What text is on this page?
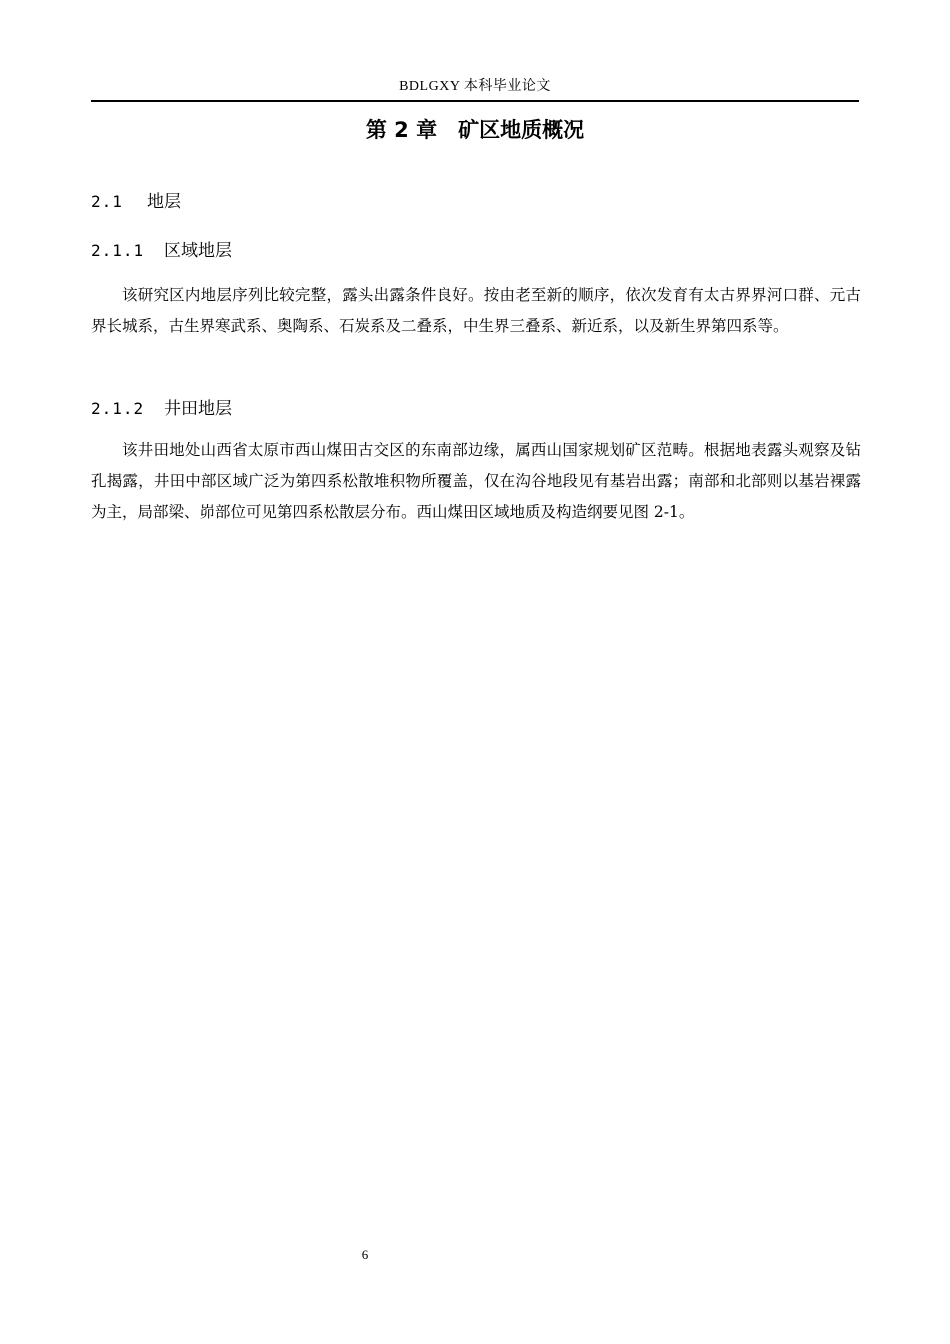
BDLGXY 本科毕业论文
第 2 章　矿区地质概况
2.1 地层
2.1.1 区域地层

该研究区内地层序列比较完整，露头出露条件良好。按由老至新的顺序，依次发育有太古界界河口群、元古界长城系，古生界寒武系、奥陶系、石炭系及二叠系，中生界三叠系、新近系，以及新生界第四系等。

2.1.2 井田地层

该井田地处山西省太原市西山煤田古交区的东南部边缘，属西山国家规划矿区范畴。根据地表露头观察及钻孔揭露，井田中部区域广泛为第四系松散堆积物所覆盖，仅在沟谷地段见有基岩出露；南部和北部则以基岩裸露为主，局部梁、峁部位可见第四系松散层分布。西山煤田区域地质及构造纲要见图 2-1。

6
